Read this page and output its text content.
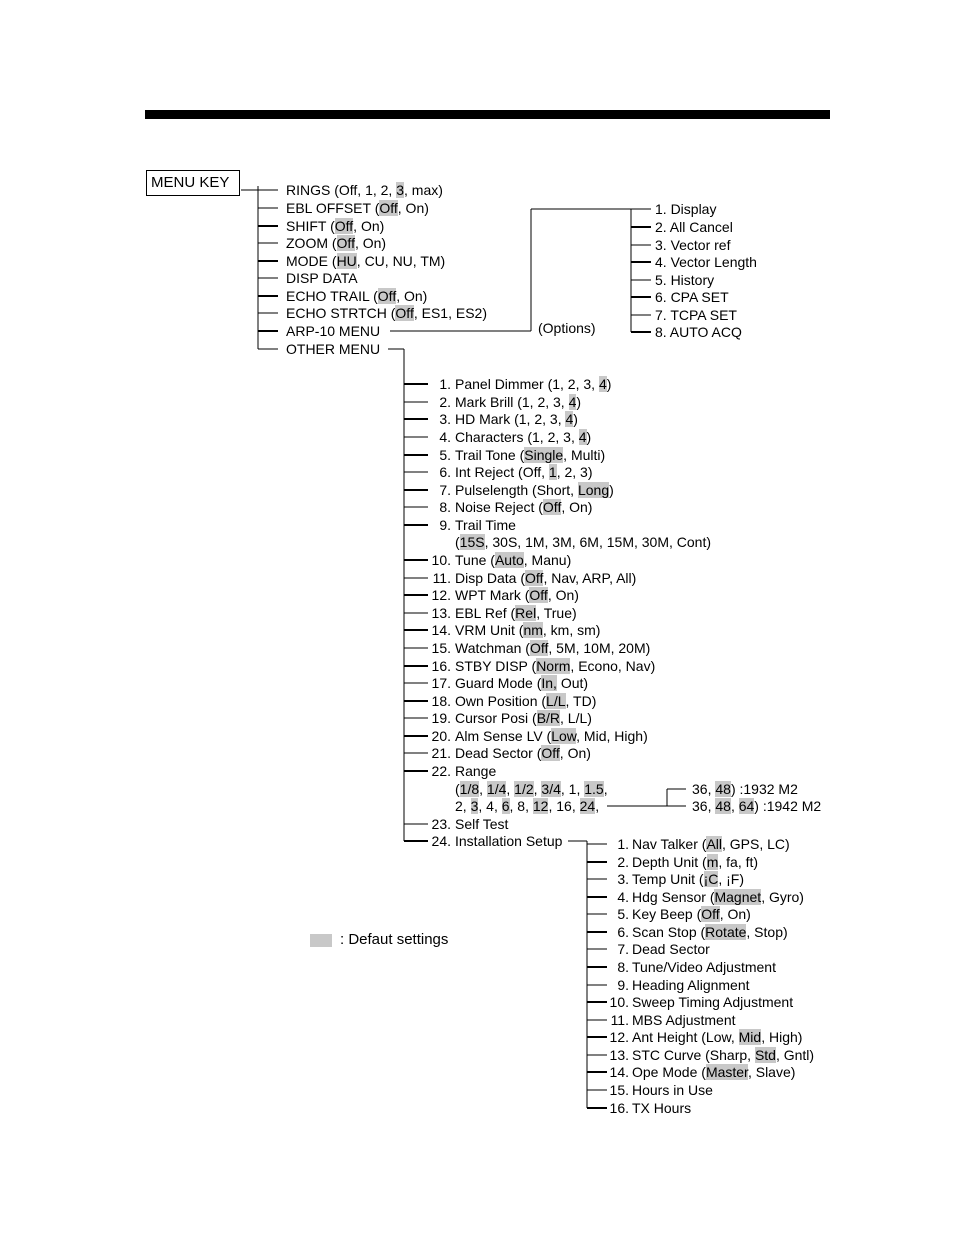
MENU KEY	RINGS (Off, 1, 2, 3, max)
EBL OFFSET (Off, On)
SHIFT (Off, On)
ZOOM (Off, On)
MODE (HU, CU, NU, TM)
DISP DATA
ECHO TRAIL (Off, On)
ECHO STRTCH (Off, ES1, ES2)
ARP-10 MENU
OTHER MENU
(Options)
1. Display
2. All Cancel
3. Vector ref
4. Vector Length
5. History
6. CPA SET
7. TCPA SET
8. AUTO ACQ
1. Panel Dimmer (1, 2, 3, 4)
2. Mark Brill (1, 2, 3, 4)
3. HD Mark (1, 2, 3, 4)
4. Characters (1, 2, 3, 4)
5. Trail Tone (Single, Multi)
6. Int Reject (Off, 1, 2, 3)
7. Pulselength (Short, Long)
8. Noise Reject (Off, On)
9. Trail Time
(15S, 30S, 1M, 3M, 6M, 15M, 30M, Cont)
10. Tune (Auto, Manu)
11. Disp Data (Off, Nav, ARP, All)
12. WPT Mark (Off, On)
13. EBL Ref (Rel, True)
14. VRM Unit (nm, km, sm)
15. Watchman (Off, 5M, 10M, 20M)
16. STBY DISP (Norm, Econo, Nav)
17. Guard Mode (In, Out)
18. Own Position (L/L, TD)
19. Cursor Posi (B/R, L/L)
20. Alm Sense LV (Low, Mid, High)
21. Dead Sector (Off, On)
22. Range
(1/8, 1/4, 1/2, 3/4, 1, 1.5,
2, 3, 4, 6, 8, 12, 16, 24,
23. Self Test
24. Installation Setup
36, 48) :1932 M2
36, 48, 64) :1942 M2
1. Nav Talker (All, GPS, LC)
2. Depth Unit (m, fa, ft)
3. Temp Unit (¡C, ¡F)
4. Hdg Sensor (Magnet, Gyro)
5. Key Beep (Off, On)
6. Scan Stop (Rotate, Stop)
7. Dead Sector
8. Tune/Video Adjustment
9. Heading Alignment
10. Sweep Timing Adjustment
11. MBS Adjustment
12. Ant Height (Low, Mid, High)
13. STC Curve (Sharp, Std, Gntl)
14. Ope Mode (Master, Slave)
15. Hours in Use
16. TX Hours
: Defaut settings
